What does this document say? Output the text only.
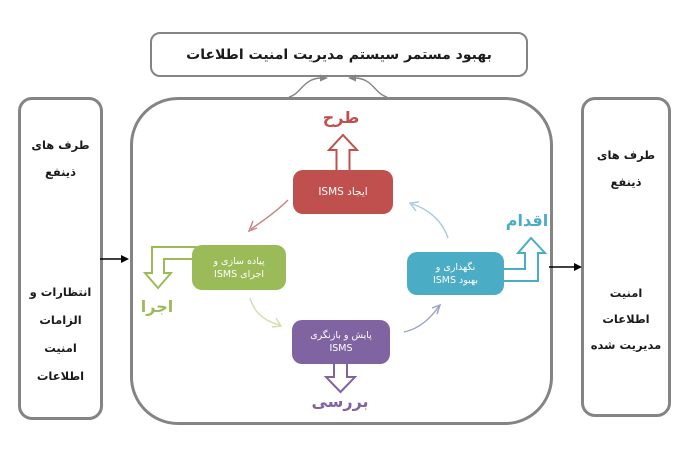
بهبود مستمر سیستم مدیریت امنیت اطلاعات
طرف های
ذینفع
انتظارات و
الزامات
امنیت
اطلاعات
طرف های
ذینفع
امنیت
اطلاعات
مدیریت شده
ایجاد ISMS
پیاده سازی و
اجرای ISMS
پایش و بازنگری
ISMS
نگهداری و
بهبود ISMS
طرح
اجرا
بررسی
اقدام
